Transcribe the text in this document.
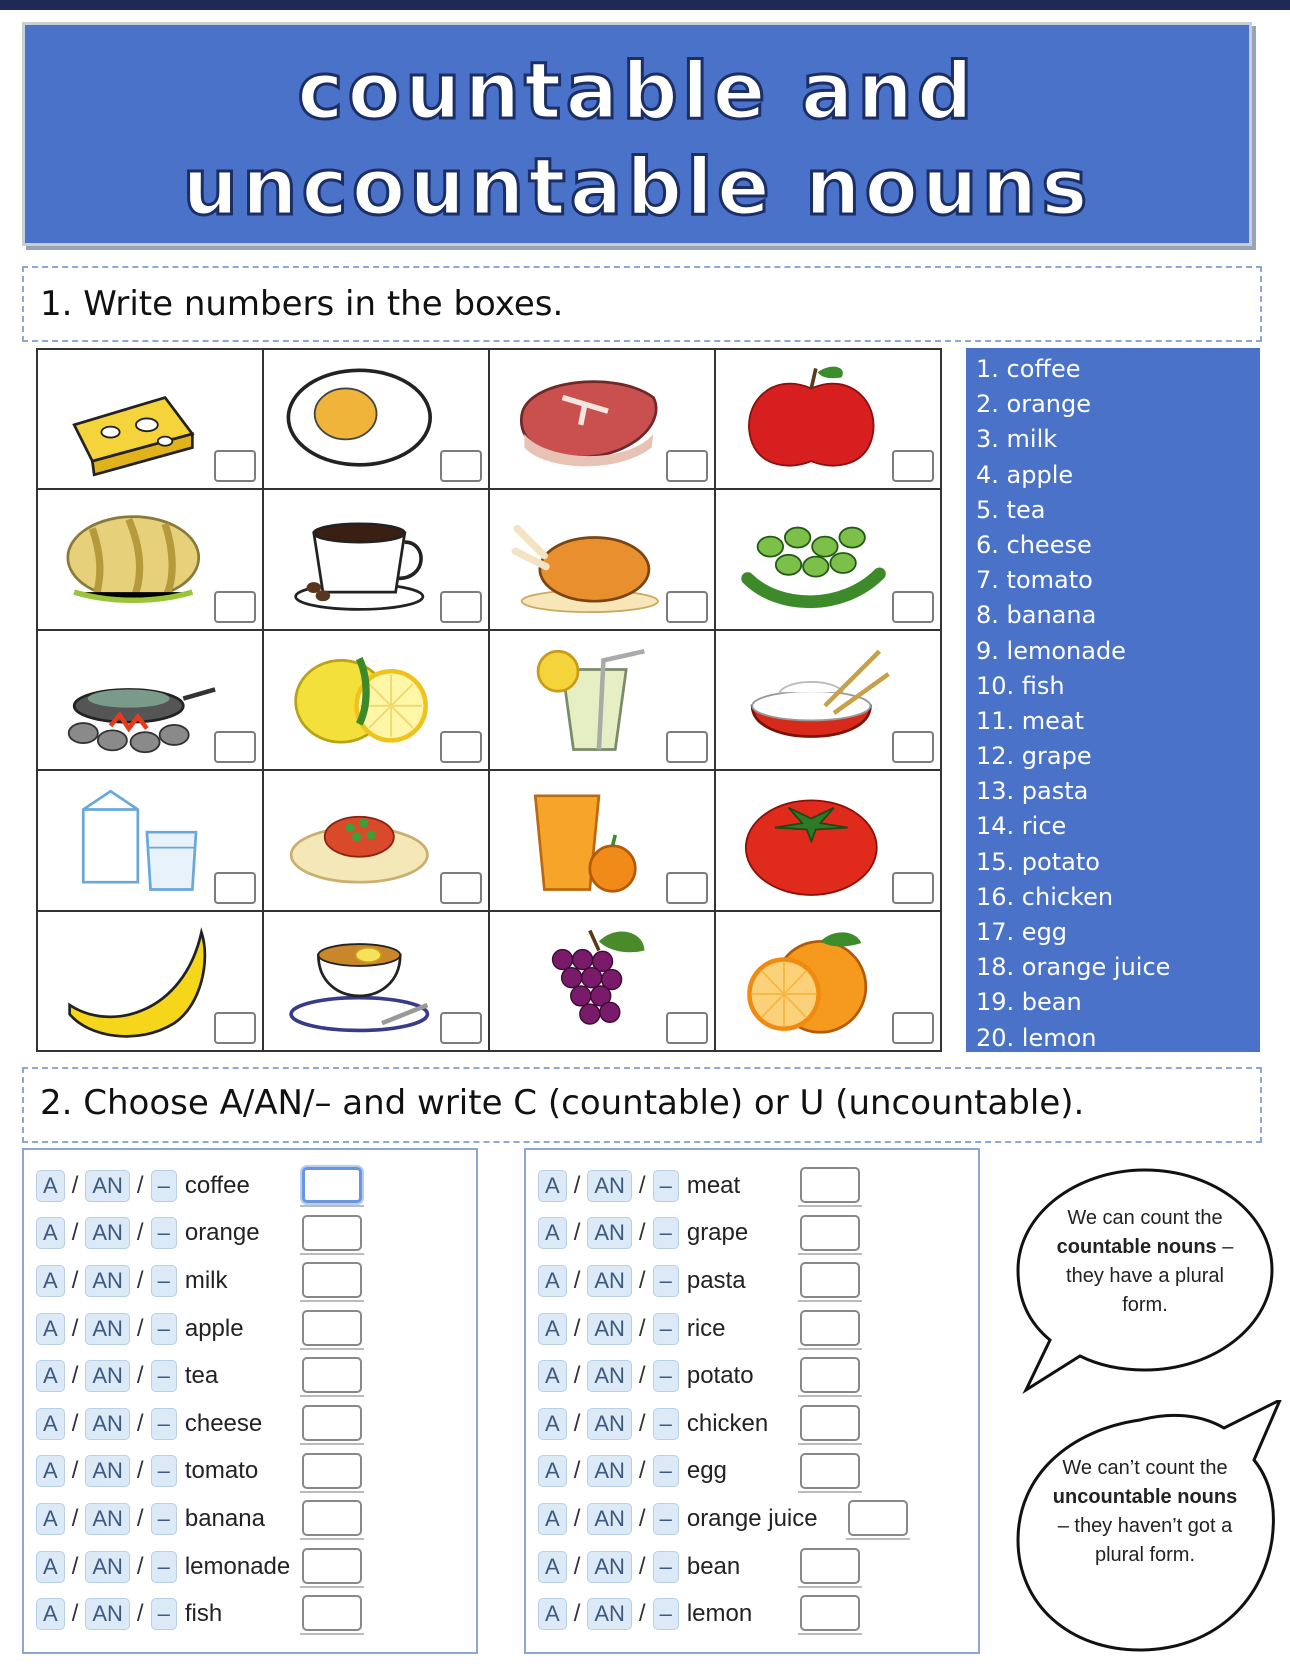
countable and
uncountable nouns
1. Write numbers in the boxes.
1. coffee
2. orange
3. milk
4. apple
5. tea
6. cheese
7. tomato
8. banana
9. lemonade
10. fish
11. meat
12. grape
13. pasta
14. rice
15. potato
16. chicken
17. egg
18. orange juice
19. bean
20. lemon
2. Choose A/AN/– and write C (countable) or U (uncountable).
A / AN / – coffee
A / AN / – orange
A / AN / – milk
A / AN / – apple
A / AN / – tea
A / AN / – cheese
A / AN / – tomato
A / AN / – banana
A / AN / – lemonade
A / AN / – fish
A / AN / – meat
A / AN / – grape
A / AN / – pasta
A / AN / – rice
A / AN / – potato
A / AN / – chicken
A / AN / – egg
A / AN / – orange juice
A / AN / – bean
A / AN / – lemon
We can count the countable nouns – they have a plural form.
We can’t count the uncountable nouns – they haven’t got a plural form.
